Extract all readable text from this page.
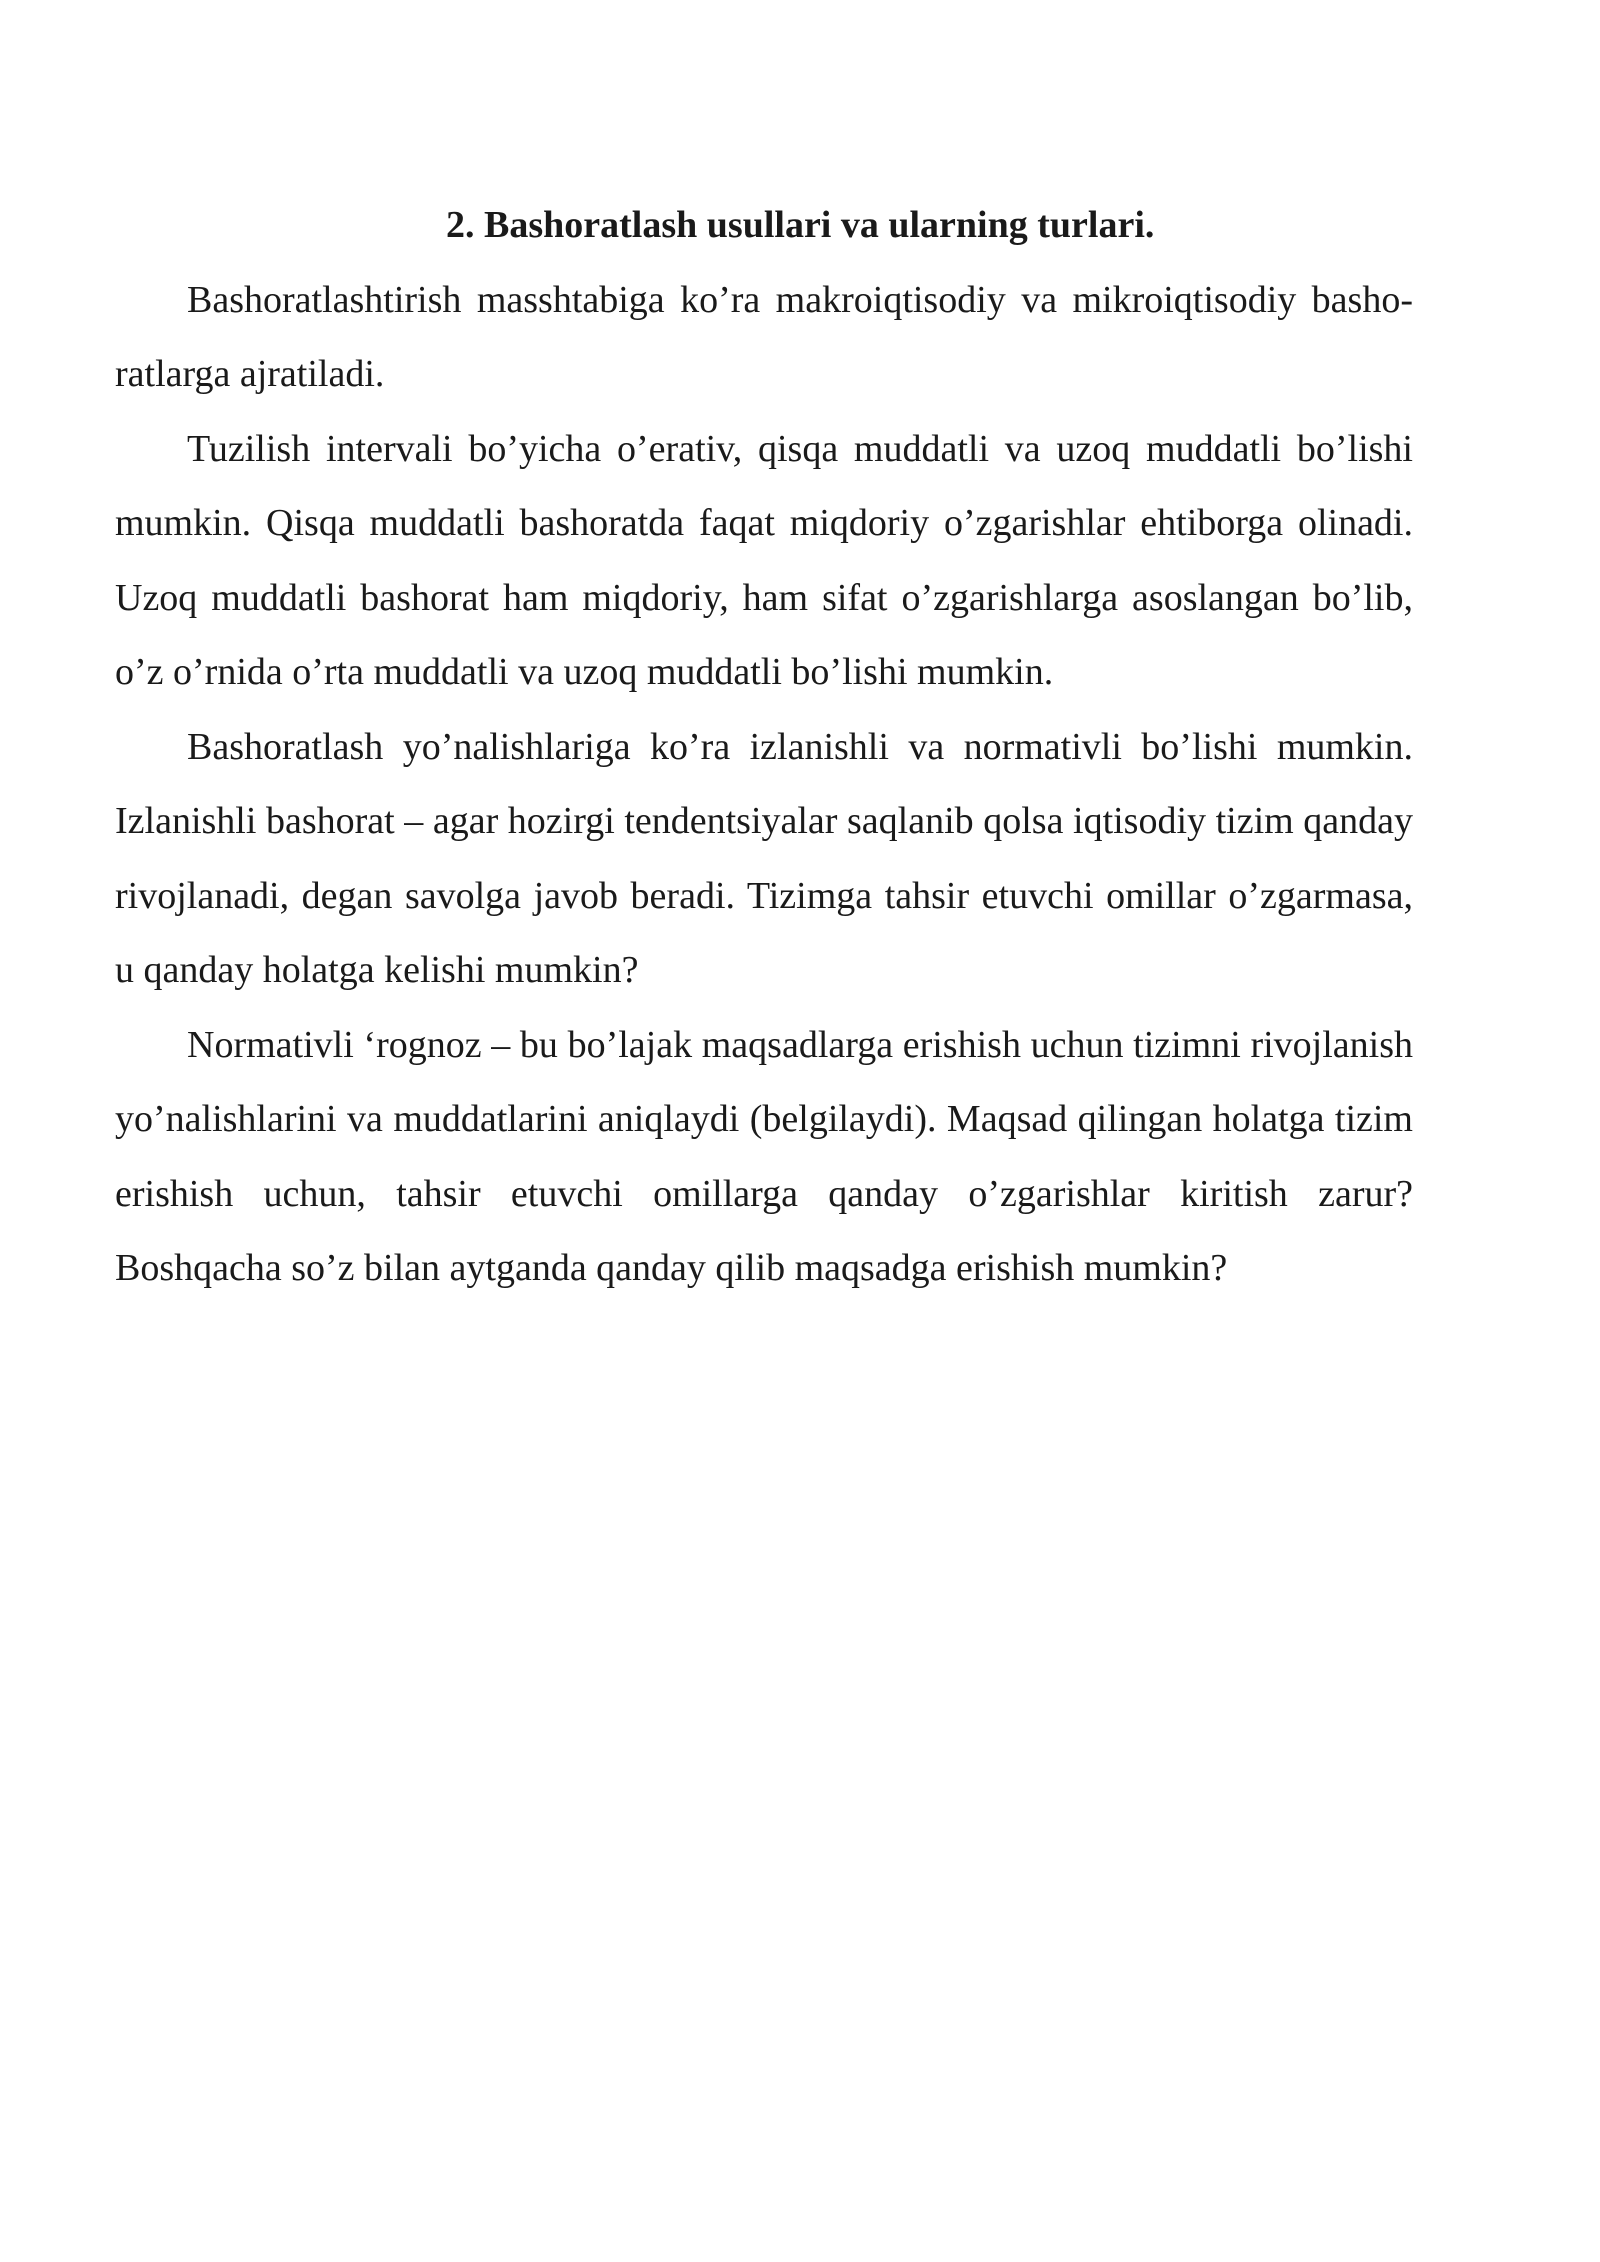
2. Bashoratlash usullari va ularning turlari.

Bashoratlashtirish masshtabiga ko’ra makroiqtisodiy va mikroiqtisodiy bashoratlarga ajratiladi.

Tuzilish intervali bo’yicha o’erativ, qisqa muddatli va uzoq muddatli bo’lishi mumkin. Qisqa muddatli bashoratda faqat miqdoriy o’zgarishlar ehtiborga olinadi. Uzoq muddatli bashorat ham miqdoriy, ham sifat o’zgarishlarga asoslangan bo’lib, o’z o’rnida o’rta muddatli va uzoq muddatli bo’lishi mumkin.

Bashoratlash yo’nalishlariga ko’ra izlanishli va normativli bo’lishi mumkin. Izlanishli bashorat – agar hozirgi tendentsiyalar saqlanib qolsa iqtisodiy tizim qanday rivojlanadi, degan savolga javob beradi. Tizimga tahsir etuvchi omillar o’zgarmasa, u qanday holatga kelishi mumkin?

Normativli ‘rognoz – bu bo’lajak maqsadlarga erishish uchun tizimni rivojlanish yo’nalishlarini va muddatlarini aniqlaydi (belgilaydi). Maqsad qilingan holatga tizim erishish uchun, tahsir etuvchi omillarga qanday o’zgarishlar kiritish zarur? Boshqacha so’z bilan aytganda qanday qilib maqsadga erishish mumkin?
